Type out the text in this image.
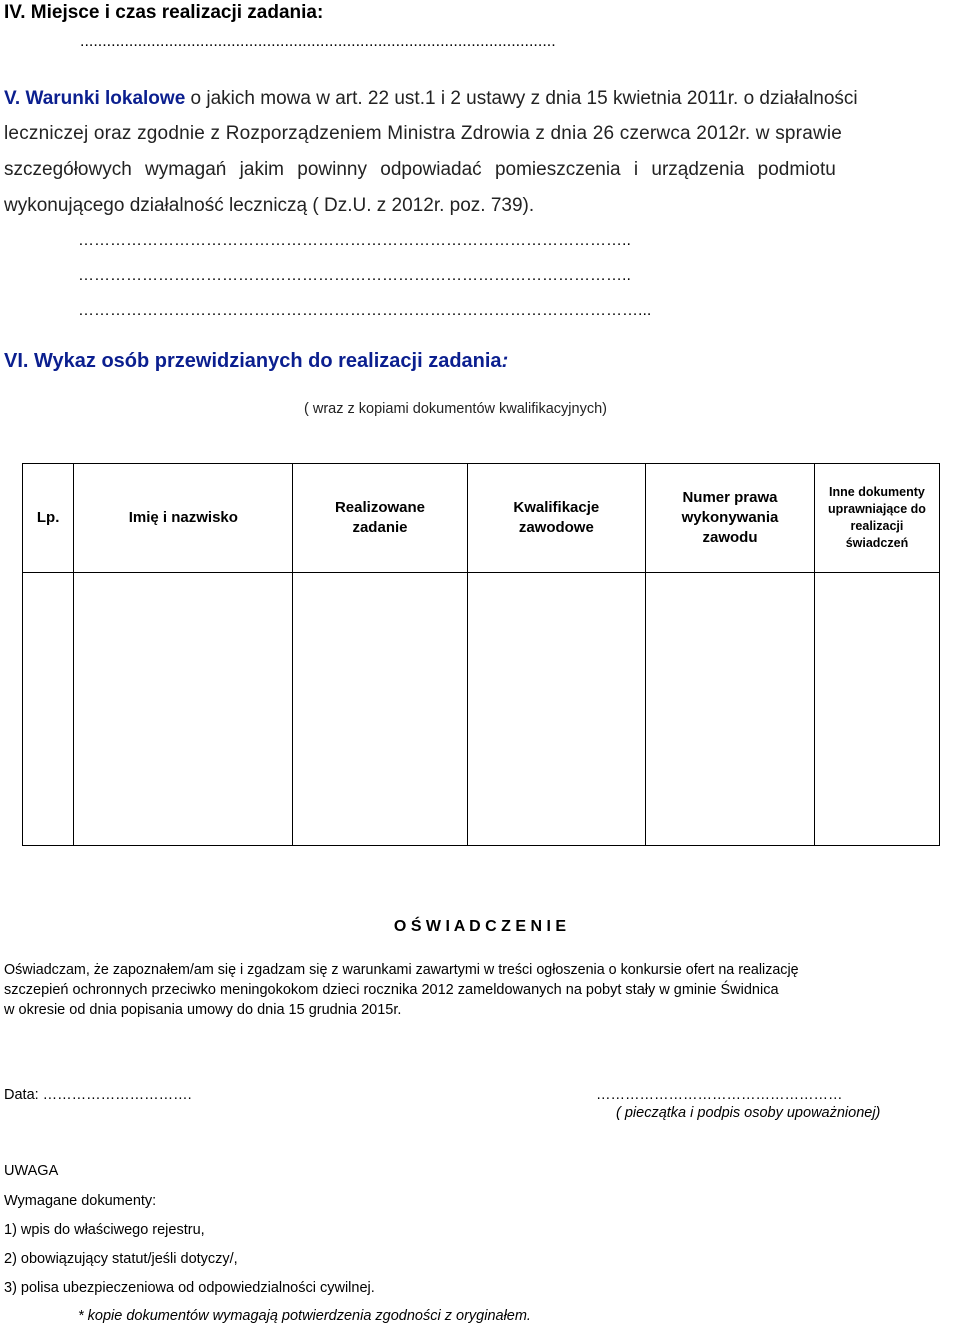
IV. Miejsce i czas realizacji zadania:
...........................................................................................................
V. Warunki lokalowe o jakich mowa w art. 22 ust.1 i 2 ustawy z dnia 15 kwietnia 2011r. o działalności
leczniczej oraz zgodnie z Rozporządzeniem Ministra Zdrowia z dnia 26 czerwca 2012r. w sprawie
szczegółowych wymagań jakim powinny odpowiadać pomieszczenia i urządzenia podmiotu
wykonującego działalność leczniczą ( Dz.U. z 2012r. poz. 739).
…………………………………………………………………………………………..
…………………………………………………………………………………………..
……………………………………………………………………………………………...
VI. Wykaz osób przewidzianych do realizacji zadania:
( wraz z kopiami dokumentów kwalifikacyjnych)
Lp.	Imię i nazwisko	Realizowane zadanie	Kwalifikacje zawodowe	Numer prawa wykonywania zawodu	Inne dokumenty uprawniające do realizacji świadczeń

O Ś W I A D C Z E N I E
Oświadczam, że zapoznałem/am się i zgadzam się z warunkami zawartymi w treści ogłoszenia o konkursie ofert na realizację
szczepień ochronnych przeciwko meningokokom dzieci rocznika 2012 zameldowanych na pobyt stały w gminie Świdnica
w okresie od dnia popisania umowy do dnia 15 grudnia 2015r.
Data: ………………………….	……………………………………………
( pieczątka i podpis osoby upoważnionej)
UWAGA
Wymagane dokumenty:
1) wpis do właściwego rejestru,
2) obowiązujący statut/jeśli dotyczy/,
3) polisa ubezpieczeniowa od odpowiedzialności cywilnej.
* kopie dokumentów wymagają potwierdzenia zgodności z oryginałem.
